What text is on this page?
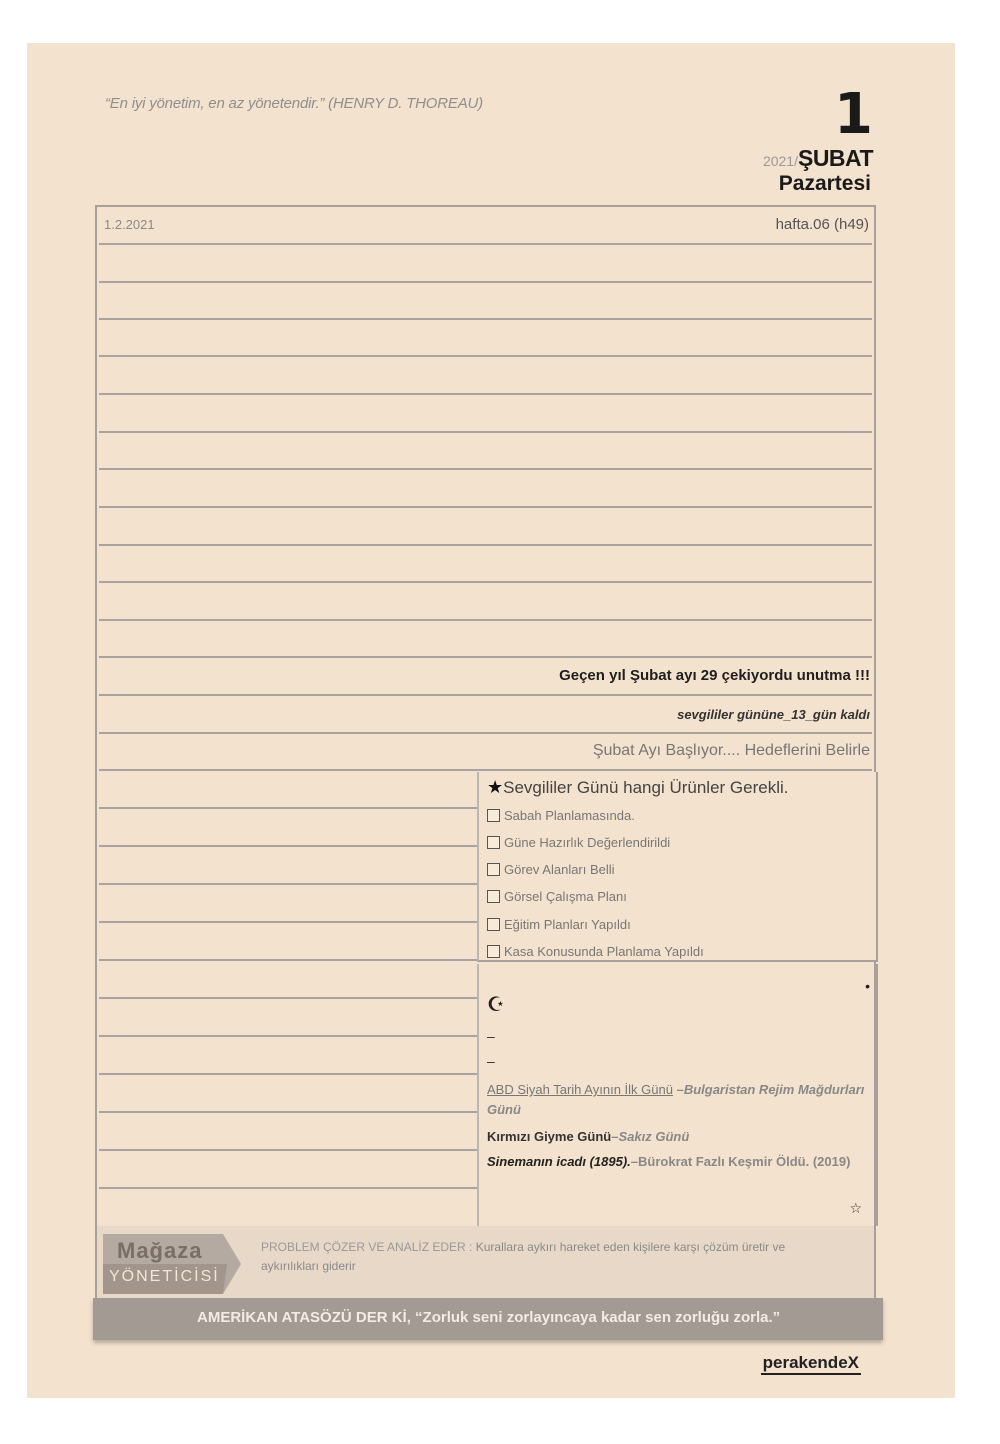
“En iyi yönetim, en az yönetendir.” (HENRY D. THOREAU)	1
2021/ŞUBAT
Pazartesi
1.2.2021	hafta.06 (h49)
Geçen yıl Şubat ayı 29 çekiyordu unutma !!!
sevgililer gününe_13_gün kaldı
Şubat Ayı Başlıyor.... Hedeflerini Belirle
★Sevgililer Günü hangi Ürünler Gerekli.
Sabah Planlamasında.
Güne Hazırlık Değerlendirildi
Görev Alanları Belli
Görsel Çalışma Planı
Eğitim Planları Yapıldı
Kasa Konusunda Planlama Yapıldı
•
☪
–
–
ABD Siyah Tarih Ayının İlk Günü –Bulgaristan Rejim Mağdurları Günü
Kırmızı Giyme Günü–Sakız Günü
Sinemanın icadı (1895).–Bürokrat Fazlı Keşmir Öldü. (2019)
☆
Mağaza
YÖNETİCİSİ
PROBLEM ÇÖZER VE ANALİZ EDER : Kurallara aykırı hareket eden kişilere karşı çözüm üretir ve aykırılıkları giderir
AMERİKAN ATASÖZÜ DER Kİ, “Zorluk seni zorlayıncaya kadar sen zorluğu zorla.”
perakendeX
